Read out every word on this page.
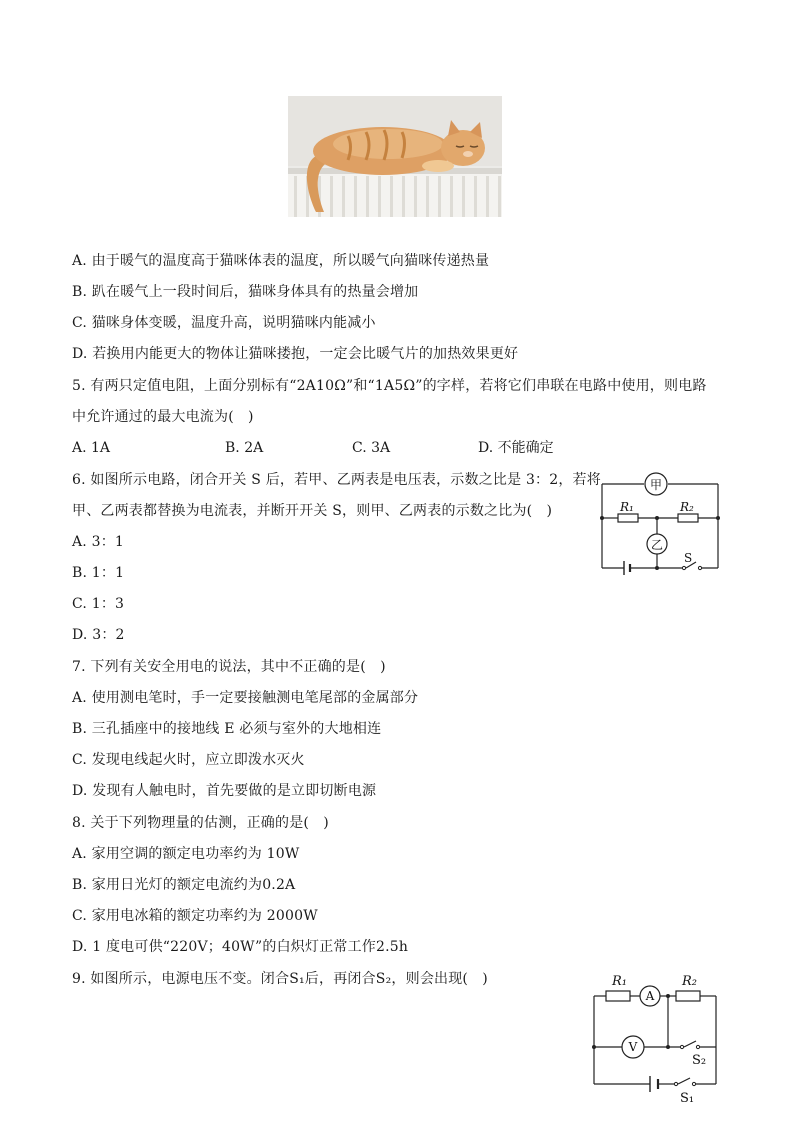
A. 由于暖气的温度高于猫咪体表的温度，所以暖气向猫咪传递热量
B. 趴在暖气上一段时间后，猫咪身体具有的热量会增加
C. 猫咪身体变暖，温度升高，说明猫咪内能减小
D. 若换用内能更大的物体让猫咪搂抱，一定会比暖气片的加热效果更好
5. 有两只定值电阻，上面分别标有“2A10Ω”和“1A5Ω”的字样，若将它们串联在电路中使用，则电路
中允许通过的最大电流为(　)
A. 1A	B. 2A	C. 3A	D. 不能确定
6. 如图所示电路，闭合开关 S 后，若甲、乙两表是电压表，示数之比是 3：2，若将
甲、乙两表都替换为电流表，并断开开关 S，则甲、乙两表的示数之比为(　)
A. 3：1
B. 1：1
C. 1：3
D. 3：2
甲
乙
R₁	R₂
S
7. 下列有关安全用电的说法，其中不正确的是(　)
A. 使用测电笔时，手一定要接触测电笔尾部的金属部分
B. 三孔插座中的接地线 E 必须与室外的大地相连
C. 发现电线起火时，应立即泼水灭火
D. 发现有人触电时，首先要做的是立即切断电源
8. 关于下列物理量的估测，正确的是(　)
A. 家用空调的额定电功率约为 10W
B. 家用日光灯的额定电流约为0.2A
C. 家用电冰箱的额定功率约为 2000W
D. 1 度电可供“220V；40W”的白炽灯正常工作2.5h
9. 如图所示，电源电压不变。闭合S₁后，再闭合S₂，则会出现(　)
A
V
R₁	R₂
S₂
S₁
